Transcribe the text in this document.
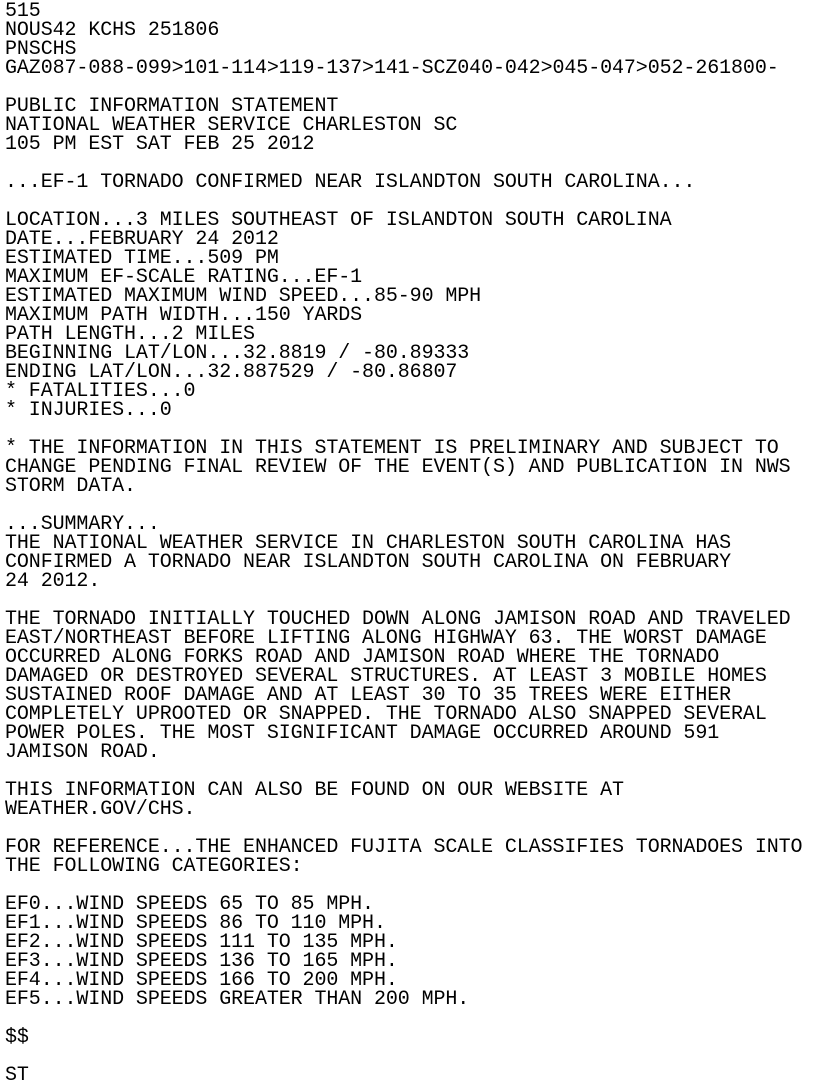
515
NOUS42 KCHS 251806
PNSCHS
GAZ087-088-099>101-114>119-137>141-SCZ040-042>045-047>052-261800-
PUBLIC INFORMATION STATEMENT
NATIONAL WEATHER SERVICE CHARLESTON SC
105 PM EST SAT FEB 25 2012
...EF-1 TORNADO CONFIRMED NEAR ISLANDTON SOUTH CAROLINA...
LOCATION...3 MILES SOUTHEAST OF ISLANDTON SOUTH CAROLINA
DATE...FEBRUARY 24 2012
ESTIMATED TIME...509 PM
MAXIMUM EF-SCALE RATING...EF-1
ESTIMATED MAXIMUM WIND SPEED...85-90 MPH
MAXIMUM PATH WIDTH...150 YARDS
PATH LENGTH...2 MILES
BEGINNING LAT/LON...32.8819 / -80.89333
ENDING LAT/LON...32.887529 / -80.86807
* FATALITIES...0
* INJURIES...0
* THE INFORMATION IN THIS STATEMENT IS PRELIMINARY AND SUBJECT TO
CHANGE PENDING FINAL REVIEW OF THE EVENT(S) AND PUBLICATION IN NWS
STORM DATA.
...SUMMARY...
THE NATIONAL WEATHER SERVICE IN CHARLESTON SOUTH CAROLINA HAS
CONFIRMED A TORNADO NEAR ISLANDTON SOUTH CAROLINA ON FEBRUARY
24 2012.
THE TORNADO INITIALLY TOUCHED DOWN ALONG JAMISON ROAD AND TRAVELED
EAST/NORTHEAST BEFORE LIFTING ALONG HIGHWAY 63. THE WORST DAMAGE
OCCURRED ALONG FORKS ROAD AND JAMISON ROAD WHERE THE TORNADO
DAMAGED OR DESTROYED SEVERAL STRUCTURES. AT LEAST 3 MOBILE HOMES
SUSTAINED ROOF DAMAGE AND AT LEAST 30 TO 35 TREES WERE EITHER
COMPLETELY UPROOTED OR SNAPPED. THE TORNADO ALSO SNAPPED SEVERAL
POWER POLES. THE MOST SIGNIFICANT DAMAGE OCCURRED AROUND 591
JAMISON ROAD.
THIS INFORMATION CAN ALSO BE FOUND ON OUR WEBSITE AT
WEATHER.GOV/CHS.
FOR REFERENCE...THE ENHANCED FUJITA SCALE CLASSIFIES TORNADOES INTO
THE FOLLOWING CATEGORIES:
EF0...WIND SPEEDS 65 TO 85 MPH.
EF1...WIND SPEEDS 86 TO 110 MPH.
EF2...WIND SPEEDS 111 TO 135 MPH.
EF3...WIND SPEEDS 136 TO 165 MPH.
EF4...WIND SPEEDS 166 TO 200 MPH.
EF5...WIND SPEEDS GREATER THAN 200 MPH.
$$
ST
